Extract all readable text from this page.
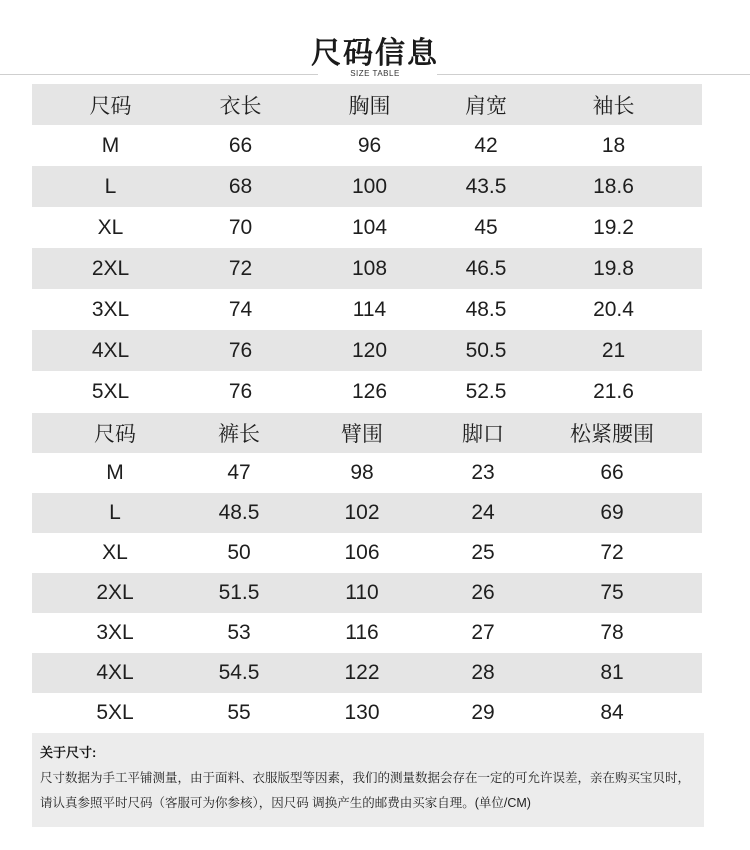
尺码信息
SIZE TABLE
尺码	衣长	胸围	肩宽	袖长
M	66	96	42	18
L	68	100	43.5	18.6
XL	70	104	45	19.2
2XL	72	108	46.5	19.8
3XL	74	114	48.5	20.4
4XL	76	120	50.5	21
5XL	76	126	52.5	21.6
尺码	裤长	臂围	脚口	松紧腰围
M	47	98	23	66
L	48.5	102	24	69
XL	50	106	25	72
2XL	51.5	110	26	75
3XL	53	116	27	78
4XL	54.5	122	28	81
5XL	55	130	29	84
关于尺寸:
尺寸数据为手工平铺测量，由于面料、衣服版型等因素，我们的测量数据会存在一定的可允许误差，亲在购买宝贝时，请认真参照平时尺码（客服可为你参核），因尺码 调换产生的邮费由买家自理。(单位/CM)
